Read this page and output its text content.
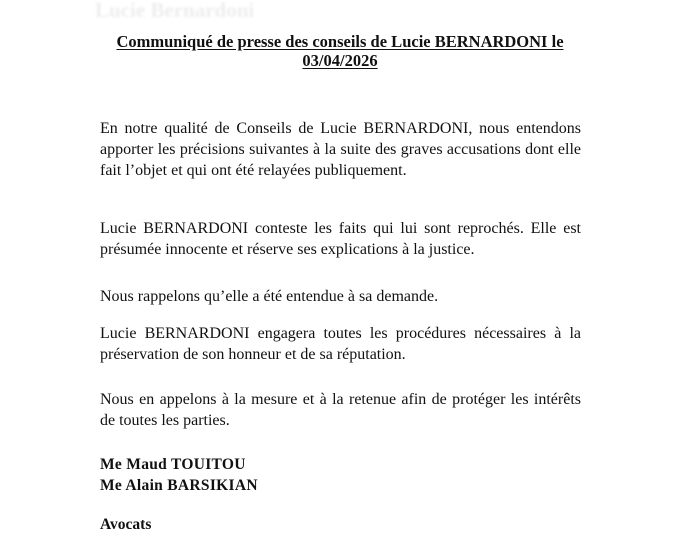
Lucie Bernardoni
Communiqué de presse des conseils de Lucie BERNARDONI le
03/04/2026

En notre qualité de Conseils de Lucie BERNARDONI, nous entendons apporter les précisions suivantes à la suite des graves accusations dont elle fait l’objet et qui ont été relayées publiquement.

Lucie BERNARDONI conteste les faits qui lui sont reprochés. Elle est présumée innocente et réserve ses explications à la justice.

Nous rappelons qu’elle a été entendue à sa demande.

Lucie BERNARDONI engagera toutes les procédures nécessaires à la préservation de son honneur et de sa réputation.

Nous en appelons à la mesure et à la retenue afin de protéger les intérêts de toutes les parties.

Me Maud TOUITOU
Me Alain BARSIKIAN
Avocats
